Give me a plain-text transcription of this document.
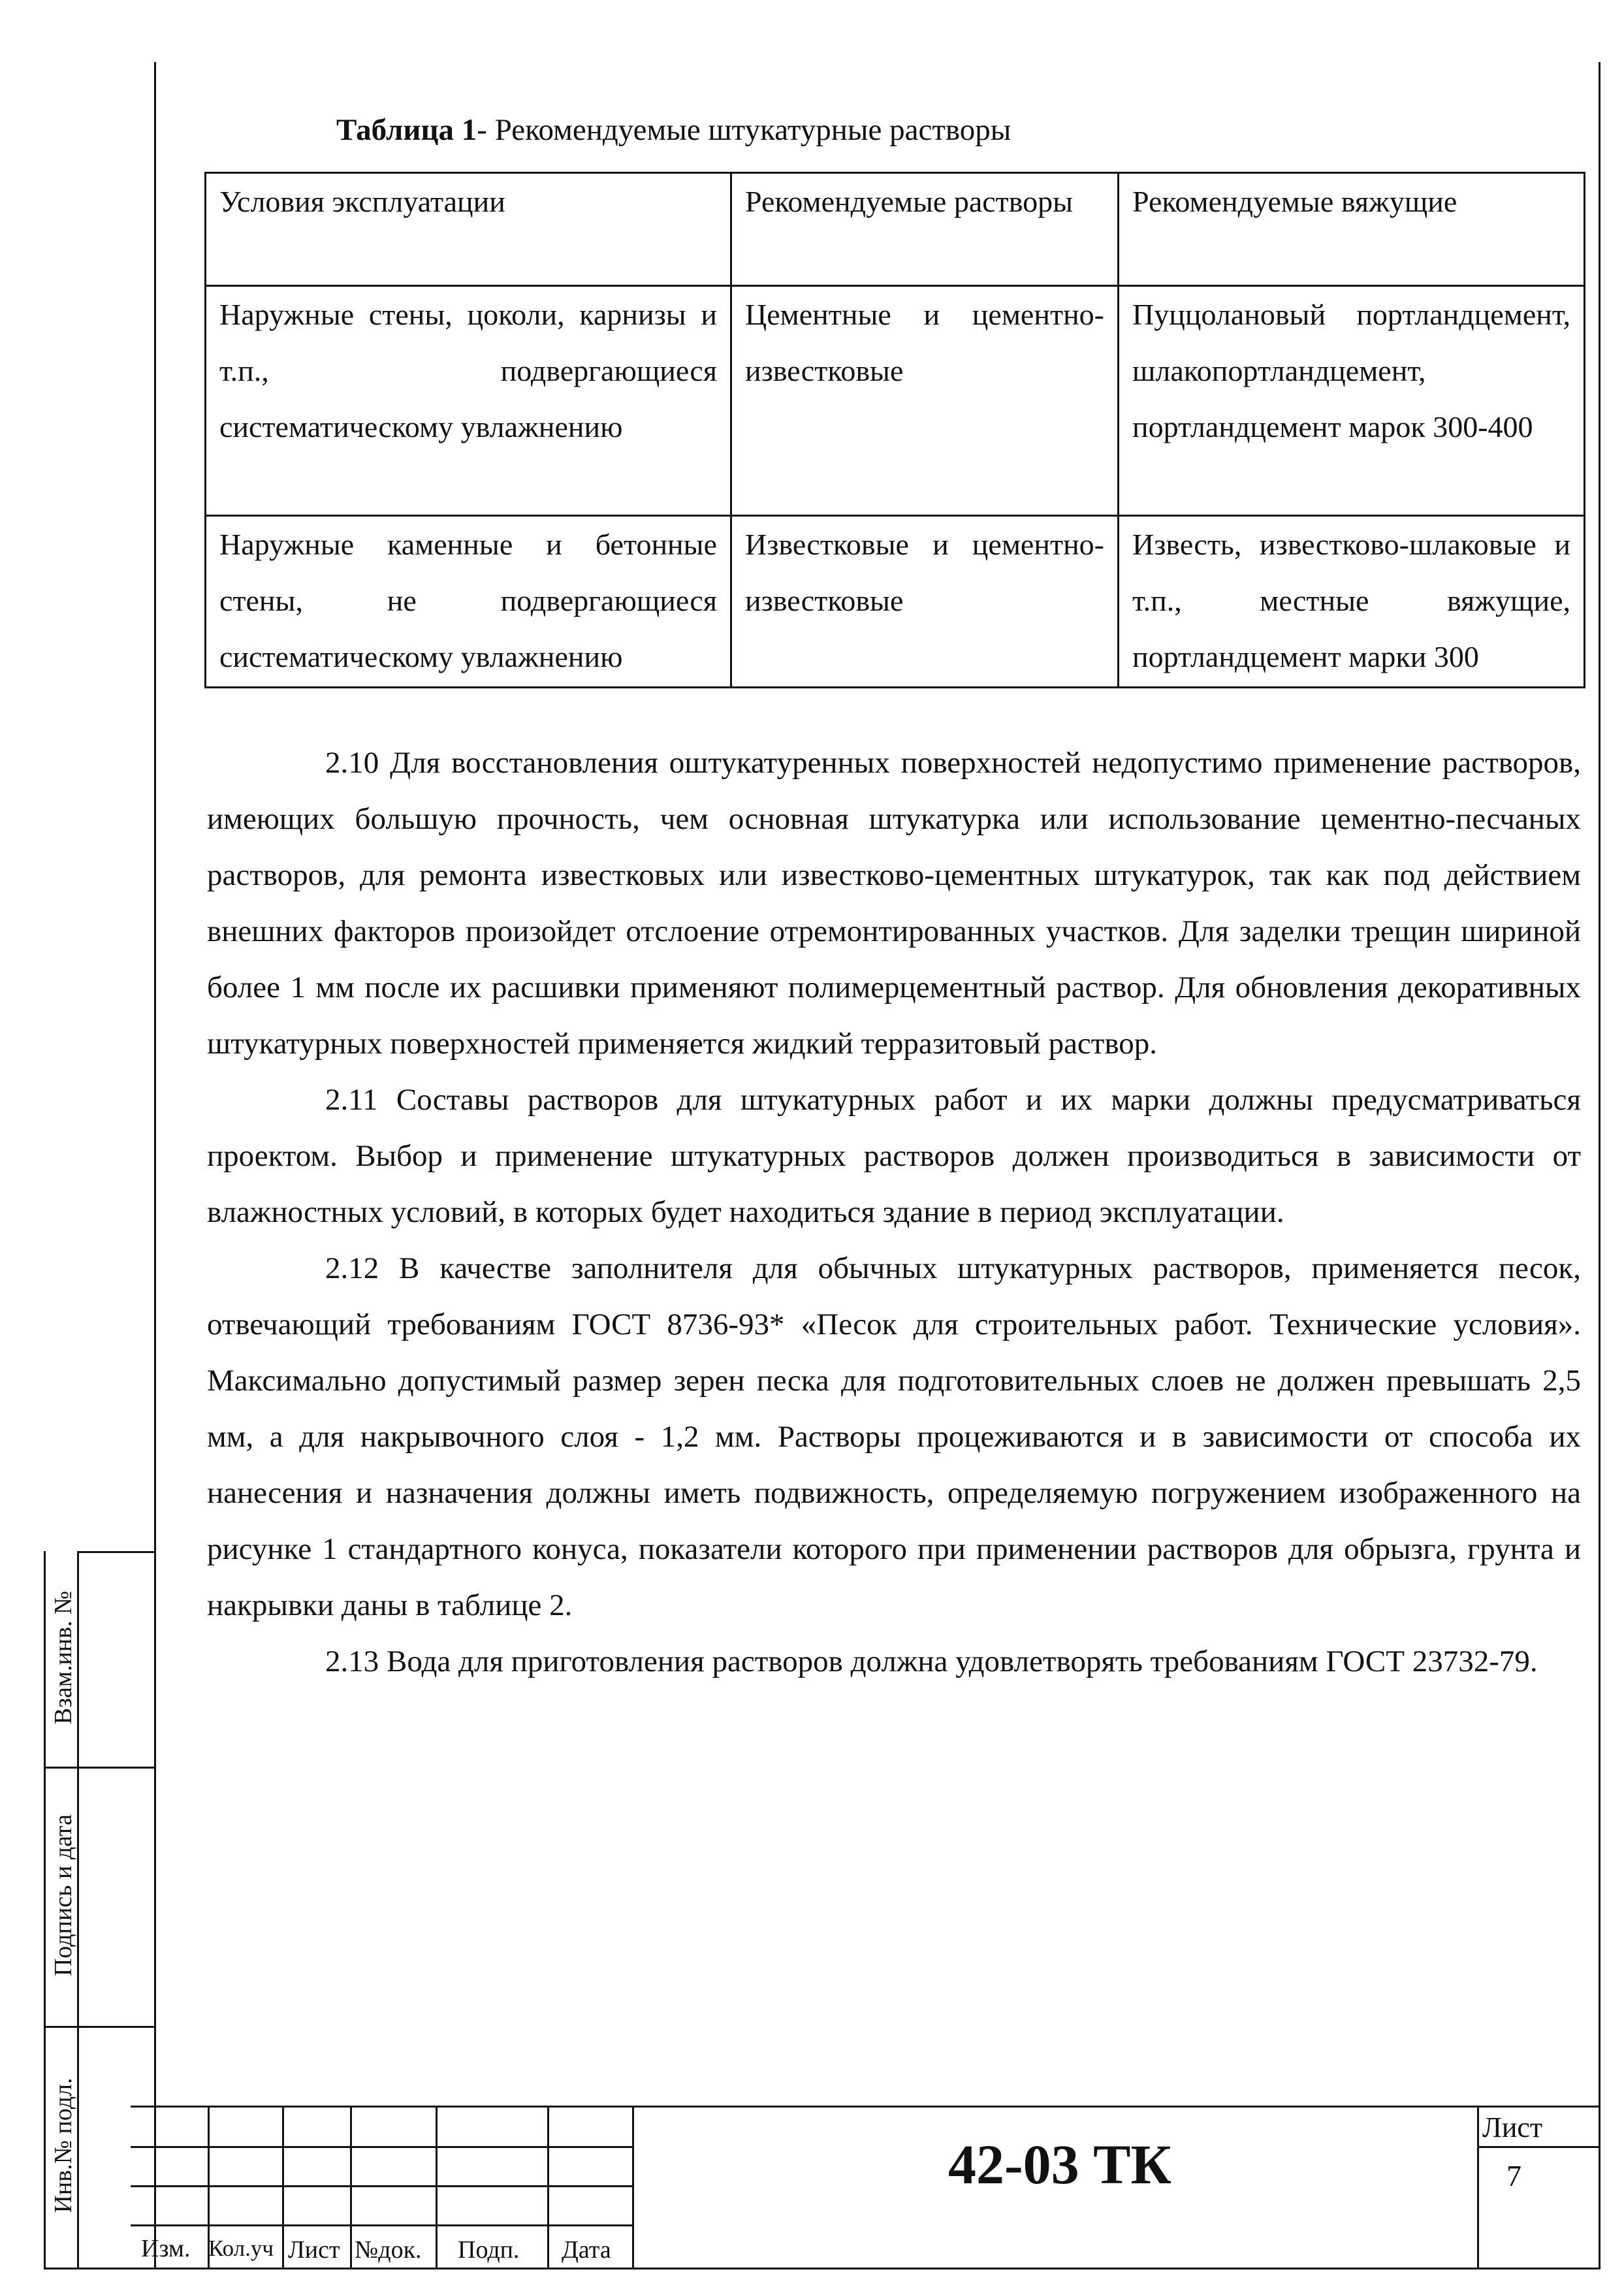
Таблица 1- Рекомендуемые штукатурные растворы
Условия эксплуатации	Рекомендуемые растворы	Рекомендуемые вяжущие
Наружные стены, цоколи, карнизы и т.п., подвергающиеся систематическому увлажнению	Цементные и цементно-известковые	Пуццолановый портландцемент, шлакопортландцемент, портландцемент марок 300-400
Наружные каменные и бетонные стены, не подвергающиеся систематическому увлажнению	Известковые и цементно-известковые	Известь, известково-шлаковые и т.п., местные вяжущие, портландцемент марки 300

2.10 Для восстановления оштукатуренных поверхностей недопустимо применение растворов, имеющих большую прочность, чем основная штукатурка или использование цементно-песчаных растворов, для ремонта известковых или известково-цементных штукатурок, так как под действием внешних факторов произойдет отслоение отремонтированных участков. Для заделки трещин шириной более 1 мм после их расшивки применяют полимерцементный раствор. Для обновления декоративных штукатурных поверхностей применяется жидкий терразитовый раствор.

2.11 Составы растворов для штукатурных работ и их марки должны предусматриваться проектом. Выбор и применение штукатурных растворов должен производиться в зависимости от влажностных условий, в которых будет находиться здание в период эксплуатации.

2.12 В качестве заполнителя для обычных штукатурных растворов, применяется песок, отвечающий требованиям ГОСТ 8736-93* «Песок для строительных работ. Технические условия». Максимально допустимый размер зерен песка для подготовительных слоев не должен превышать 2,5 мм, а для накрывочного слоя - 1,2 мм. Растворы процеживаются и в зависимости от способа их нанесения и назначения должны иметь подвижность, определяемую погружением изображенного на рисунке 1 стандартного конуса, показатели которого при применении растворов для обрызга, грунта и накрывки даны в таблице 2.

2.13 Вода для приготовления растворов должна удовлетворять требованиям ГОСТ 23732-79.

Взам.инв. №
Подпись и дата
Инв.№ подл.
Изм. Кол.уч Лист №док. Подп. Дата
42-03 ТК
Лист
7
